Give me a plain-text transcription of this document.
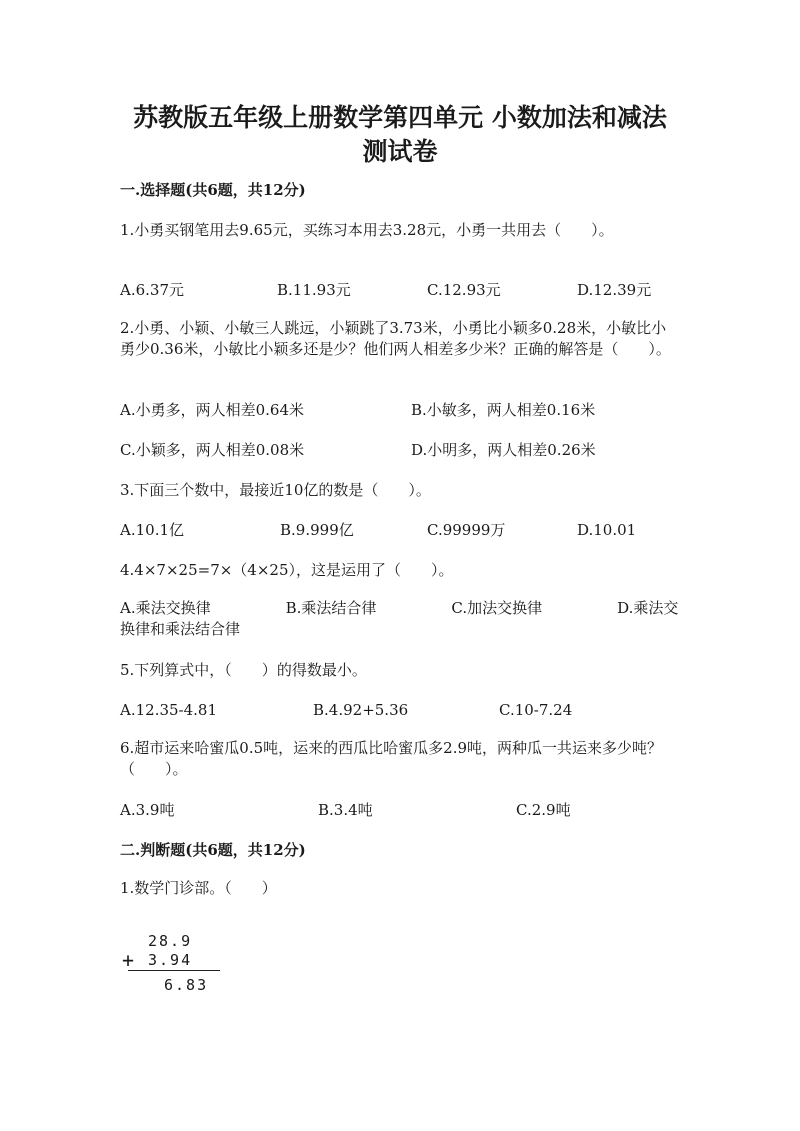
苏教版五年级上册数学第四单元 小数加法和减法
测试卷
一.选择题(共6题，共12分)
1.小勇买钢笔用去9.65元，买练习本用去3.28元，小勇一共用去（　　）。
A.6.37元	B.11.93元	C.12.93元	D.12.39元
2.小勇、小颖、小敏三人跳远，小颖跳了3.73米，小勇比小颖多0.28米，小敏比小勇少0.36米，小敏比小颖多还是少？他们两人相差多少米？正确的解答是（　　）。
A.小勇多，两人相差0.64米	B.小敏多，两人相差0.16米
C.小颖多，两人相差0.08米	D.小明多，两人相差0.26米
3.下面三个数中，最接近10亿的数是（　　）。
A.10.1亿	B.9.999亿	C.99999万	D.10.01
4.4×7×25=7×（4×25），这是运用了（　　）。
A.乘法交换律　　　　　B.乘法结合律　　　　　C.加法交换律　　　　　D.乘法交换律和乘法结合律
5.下列算式中，（　　）的得数最小。
A.12.35-4.81	B.4.92+5.36	C.10-7.24
6.超市运来哈蜜瓜0.5吨，运来的西瓜比哈蜜瓜多2.9吨，两种瓜一共运来多少吨？（　　）。
A.3.9吨	B.3.4吨	C.2.9吨
二.判断题(共6题，共12分)
1.数学门诊部。（　　）
28.9
+ 3.94
6.83
